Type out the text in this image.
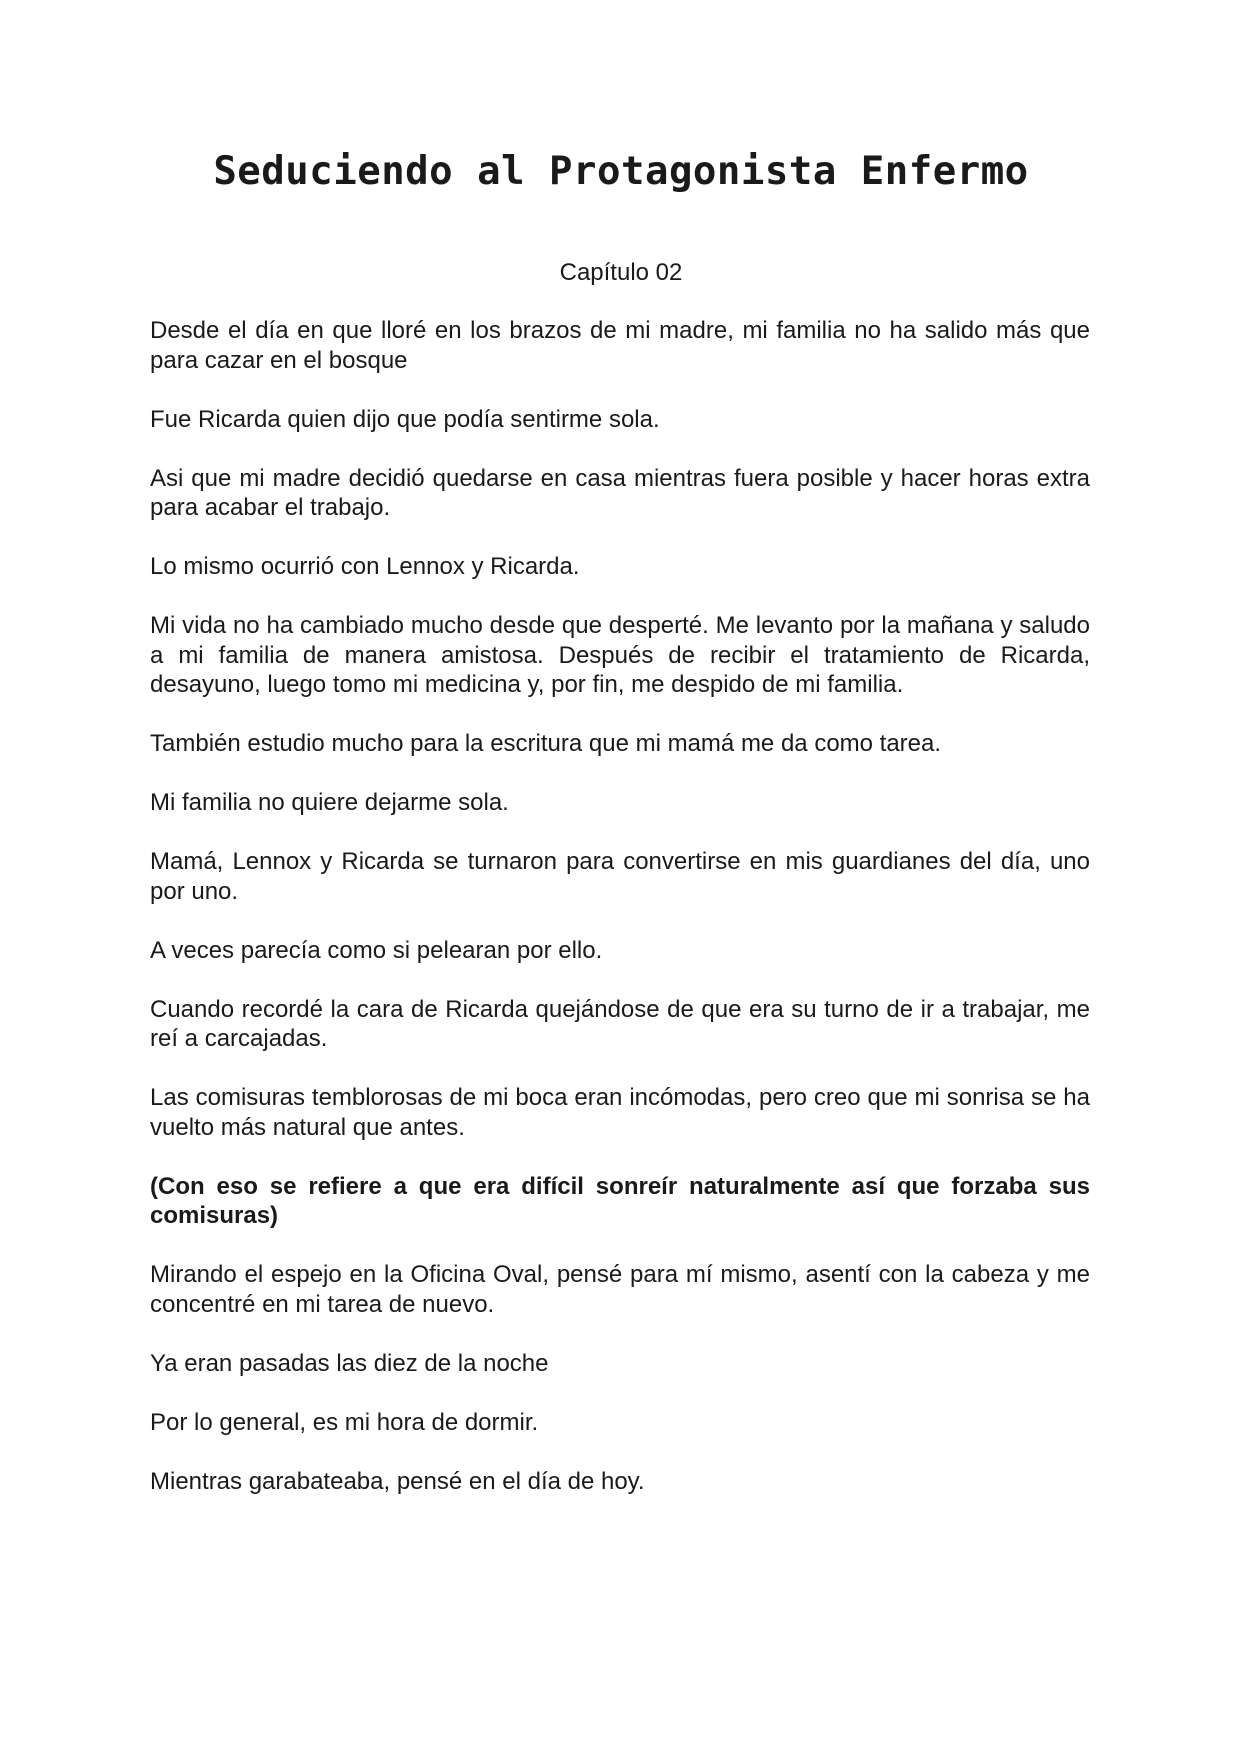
Seduciendo al Protagonista Enfermo

Capítulo 02

Desde el día en que lloré en los brazos de mi madre, mi familia no ha salido más que para cazar en el bosque

Fue Ricarda quien dijo que podía sentirme sola.

Asi que mi madre decidió quedarse en casa mientras fuera posible y hacer horas extra para acabar el trabajo.

Lo mismo ocurrió con Lennox y Ricarda.

Mi vida no ha cambiado mucho desde que desperté. Me levanto por la mañana y saludo a mi familia de manera amistosa. Después de recibir el tratamiento de Ricarda, desayuno, luego tomo mi medicina y, por fin, me despido de mi familia.

También estudio mucho para la escritura que mi mamá me da como tarea.

Mi familia no quiere dejarme sola.

Mamá, Lennox y Ricarda se turnaron para convertirse en mis guardianes del día, uno por uno.

A veces parecía como si pelearan por ello.

Cuando recordé la cara de Ricarda quejándose de que era su turno de ir a trabajar, me reí a carcajadas.

Las comisuras temblorosas de mi boca eran incómodas, pero creo que mi sonrisa se ha vuelto más natural que antes.

(Con eso se refiere a que era difícil sonreír naturalmente así que forzaba sus comisuras)

Mirando el espejo en la Oficina Oval, pensé para mí mismo, asentí con la cabeza y me concentré en mi tarea de nuevo.

Ya eran pasadas las diez de la noche

Por lo general, es mi hora de dormir.

Mientras garabateaba, pensé en el día de hoy.
